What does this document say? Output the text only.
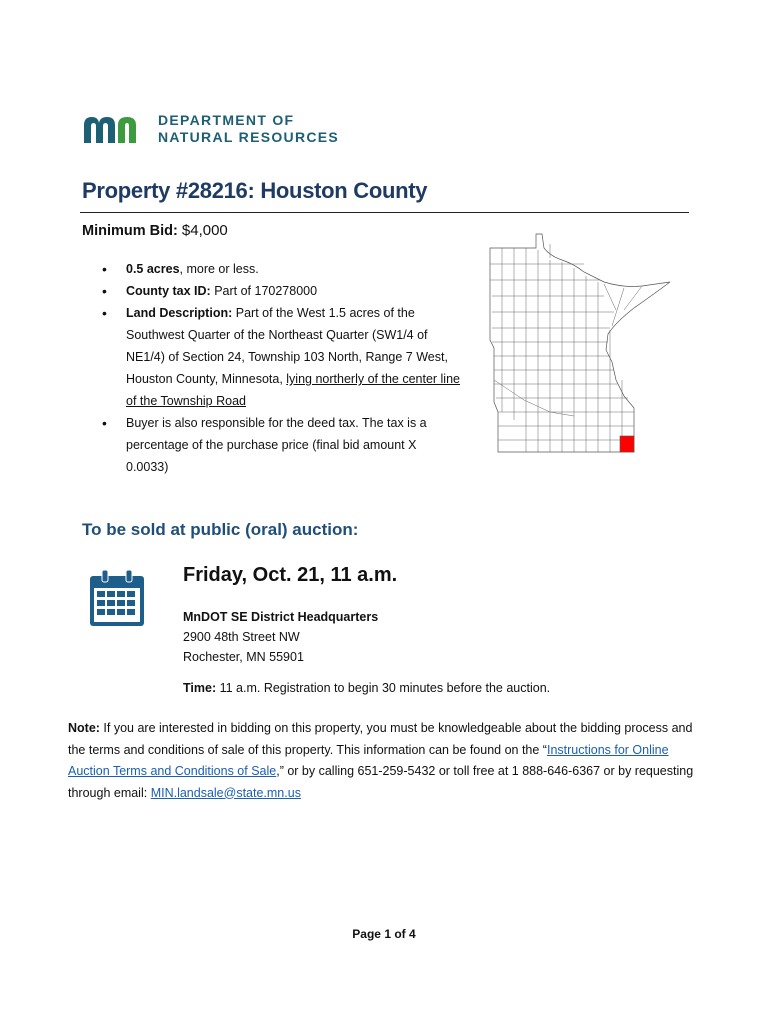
DEPARTMENT OF
NATURAL RESOURCES
Property #28216: Houston County
Minimum Bid: $4,000
• 0.5 acres, more or less.
• County tax ID: Part of 170278000
• Land Description: Part of the West 1.5 acres of the Southwest Quarter of the Northeast Quarter (SW1/4 of NE1/4) of Section 24, Township 103 North, Range 7 West, Houston County, Minnesota, lying northerly of the center line of the Township Road
• Buyer is also responsible for the deed tax. The tax is a percentage of the purchase price (final bid amount X 0.0033)
To be sold at public (oral) auction:
Friday, Oct. 21, 11 a.m.
MnDOT SE District Headquarters
2900 48th Street NW
Rochester, MN 55901
Time: 11 a.m. Registration to begin 30 minutes before the auction.
Note: If you are interested in bidding on this property, you must be knowledgeable about the bidding process and the terms and conditions of sale of this property. This information can be found on the “Instructions for Online Auction Terms and Conditions of Sale,” or by calling 651-259-5432 or toll free at 1 888-646-6367 or by requesting through email: MIN.landsale@state.mn.us
Page 1 of 4
